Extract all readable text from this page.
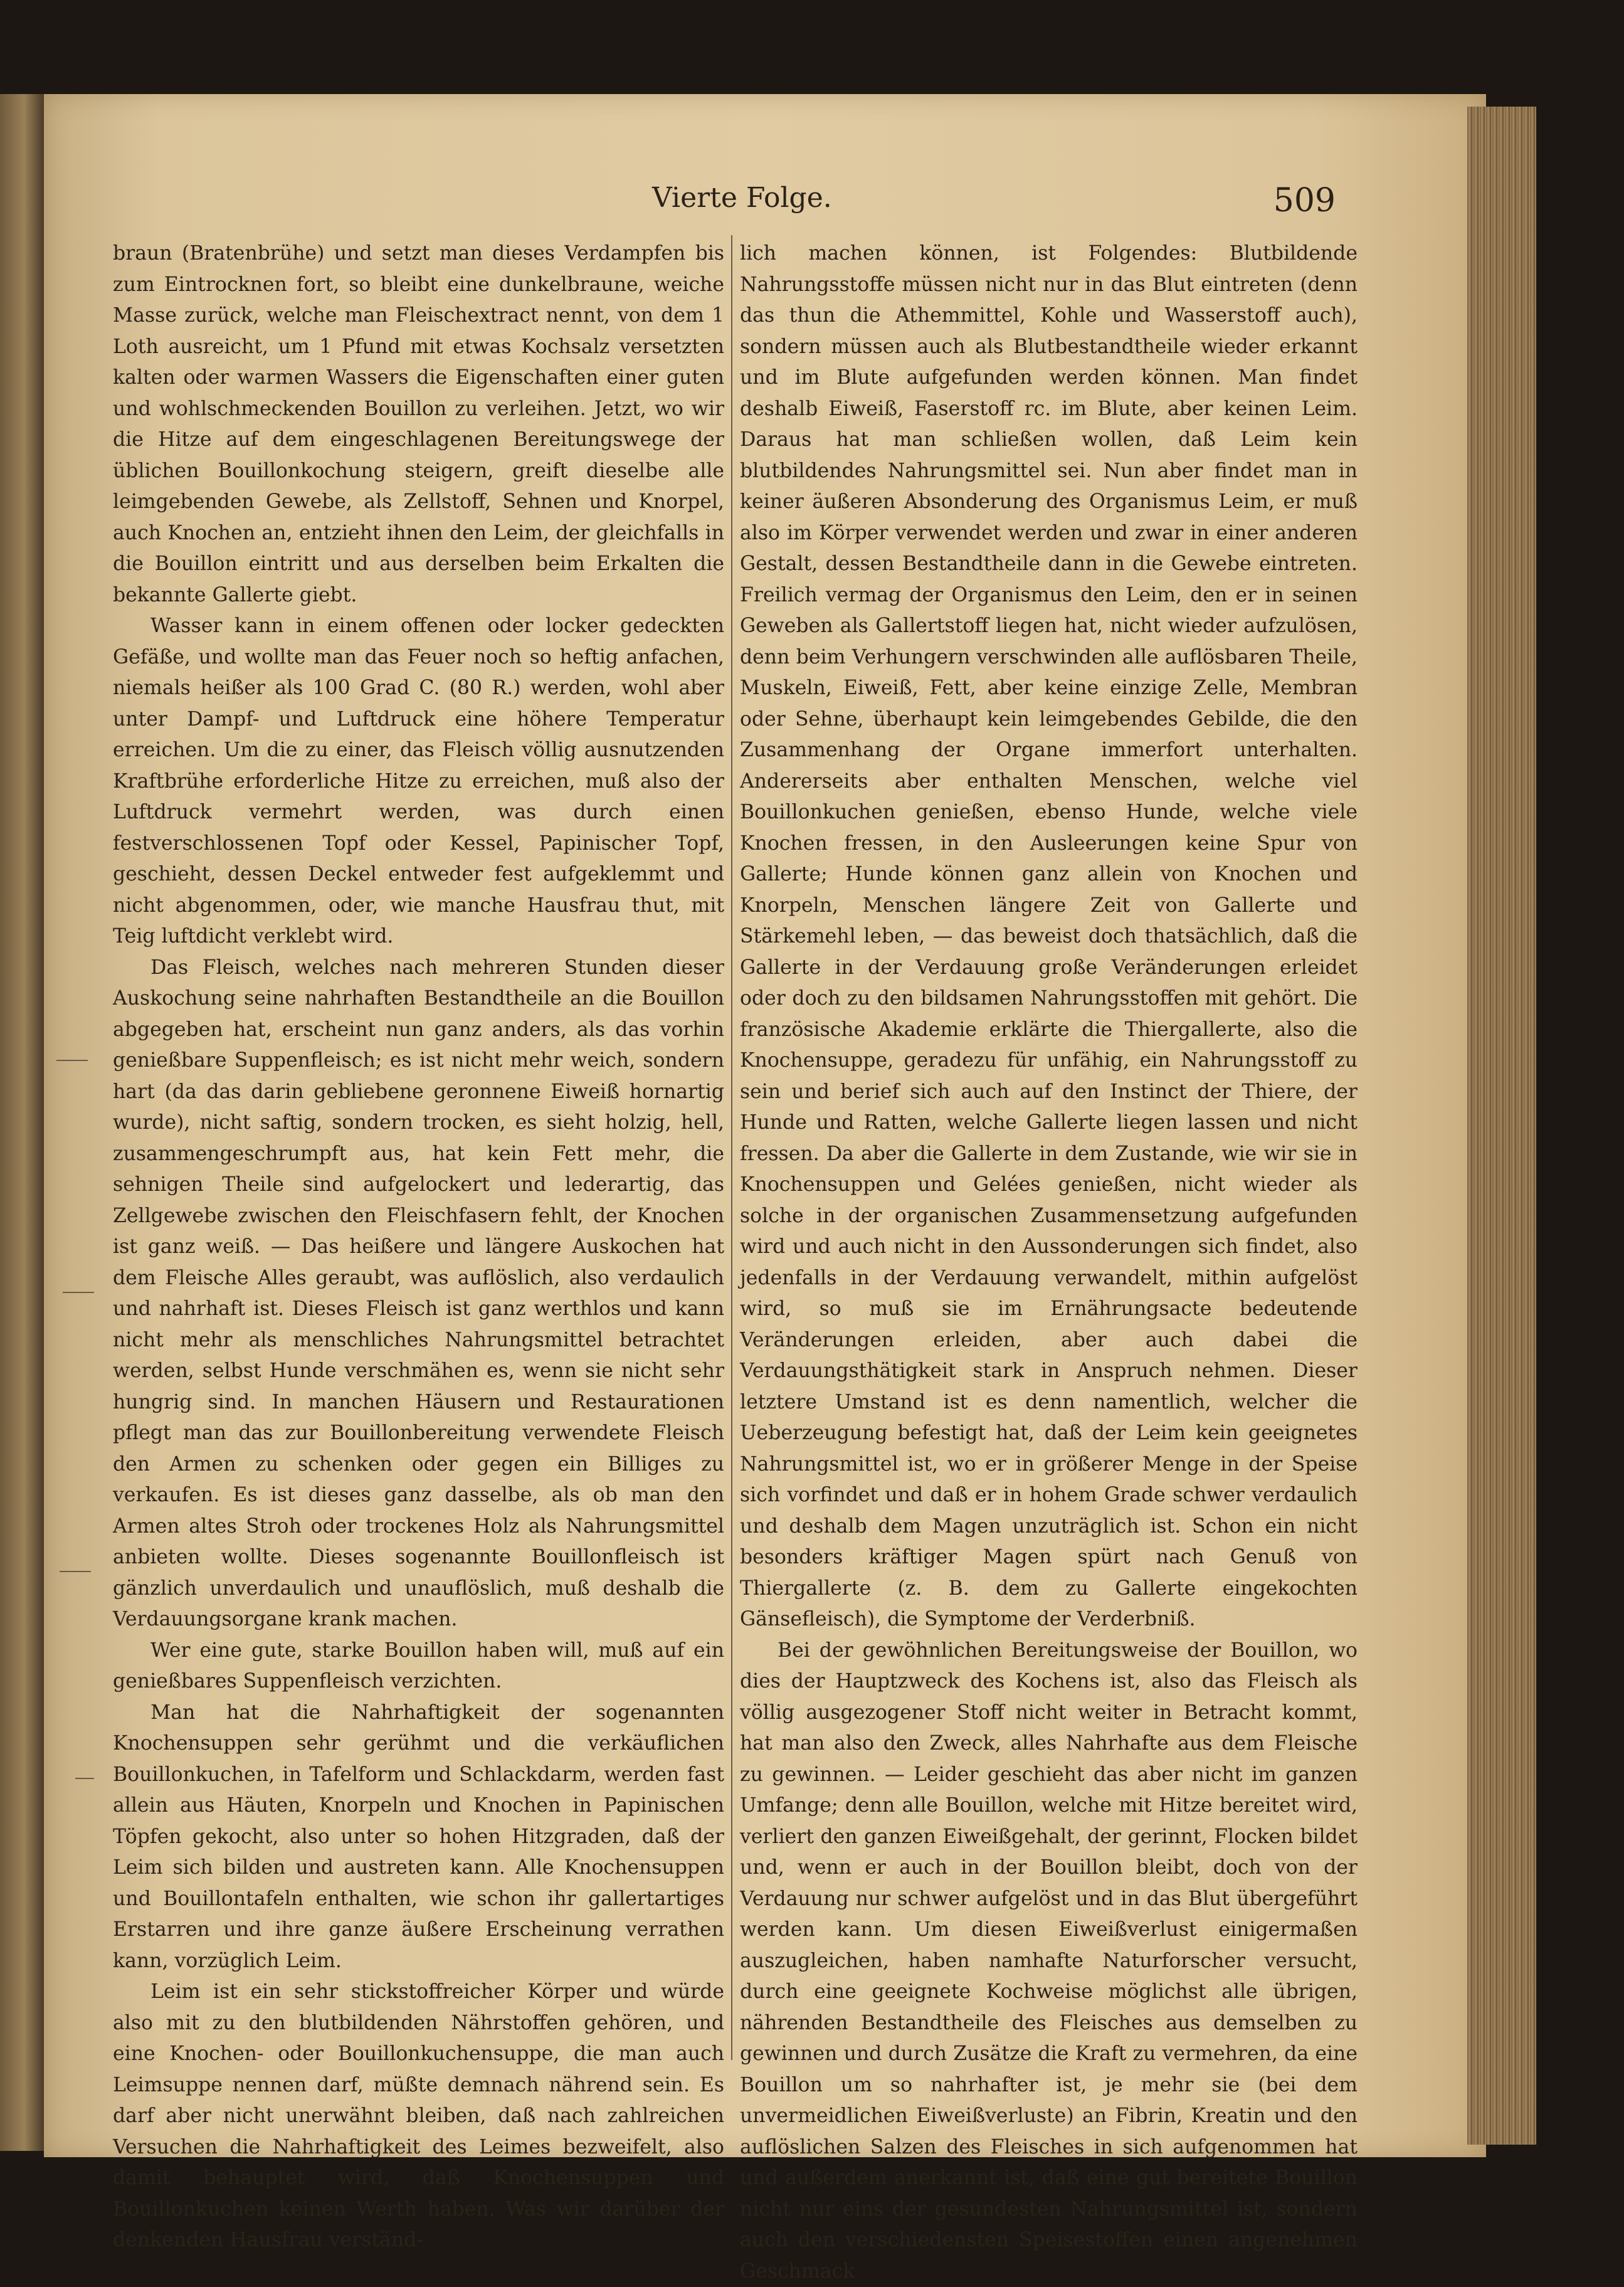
Vierte Folge.	509

braun (Bratenbrühe) und setzt man dieses Verdampfen bis zum Eintrocknen fort, so bleibt eine dunkelbraune, weiche Masse zurück, welche man Fleischextract nennt, von dem 1 Loth ausreicht, um 1 Pfund mit etwas Kochsalz versetzten kalten oder warmen Wassers die Eigenschaften einer guten und wohlschmeckenden Bouillon zu verleihen. Jetzt, wo wir die Hitze auf dem eingeschlagenen Bereitungswege der üblichen Bouillonkochung steigern, greift dieselbe alle leimgebenden Gewebe, als Zellstoff, Sehnen und Knorpel, auch Knochen an, entzieht ihnen den Leim, der gleichfalls in die Bouillon eintritt und aus derselben beim Erkalten die bekannte Gallerte giebt.

Wasser kann in einem offenen oder locker gedeckten Gefäße, und wollte man das Feuer noch so heftig anfachen, niemals heißer als 100 Grad C. (80 R.) werden, wohl aber unter Dampf- und Luftdruck eine höhere Temperatur erreichen. Um die zu einer, das Fleisch völlig ausnutzenden Kraftbrühe erforderliche Hitze zu erreichen, muß also der Luftdruck vermehrt werden, was durch einen festverschlossenen Topf oder Kessel, Papinischer Topf, geschieht, dessen Deckel entweder fest aufgeklemmt und nicht abgenommen, oder, wie manche Hausfrau thut, mit Teig luftdicht verklebt wird.

Das Fleisch, welches nach mehreren Stunden dieser Auskochung seine nahrhaften Bestandtheile an die Bouillon abgegeben hat, erscheint nun ganz anders, als das vorhin genießbare Suppenfleisch; es ist nicht mehr weich, sondern hart (da das darin gebliebene geronnene Eiweiß hornartig wurde), nicht saftig, sondern trocken, es sieht holzig, hell, zusammengeschrumpft aus, hat kein Fett mehr, die sehnigen Theile sind aufgelockert und lederartig, das Zellgewebe zwischen den Fleischfasern fehlt, der Knochen ist ganz weiß. — Das heißere und längere Auskochen hat dem Fleische Alles geraubt, was auflöslich, also verdaulich und nahrhaft ist. Dieses Fleisch ist ganz werthlos und kann nicht mehr als menschliches Nahrungsmittel betrachtet werden, selbst Hunde verschmähen es, wenn sie nicht sehr hungrig sind. In manchen Häusern und Restaurationen pflegt man das zur Bouillonbereitung verwendete Fleisch den Armen zu schenken oder gegen ein Billiges zu verkaufen. Es ist dieses ganz dasselbe, als ob man den Armen altes Stroh oder trockenes Holz als Nahrungsmittel anbieten wollte. Dieses sogenannte Bouillonfleisch ist gänzlich unverdaulich und unauflöslich, muß deshalb die Verdauungsorgane krank machen.

Wer eine gute, starke Bouillon haben will, muß auf ein genießbares Suppenfleisch verzichten.

Man hat die Nahrhaftigkeit der sogenannten Knochensuppen sehr gerühmt und die verkäuflichen Bouillonkuchen, in Tafelform und Schlackdarm, werden fast allein aus Häuten, Knorpeln und Knochen in Papinischen Töpfen gekocht, also unter so hohen Hitzgraden, daß der Leim sich bilden und austreten kann. Alle Knochensuppen und Bouillontafeln enthalten, wie schon ihr gallertartiges Erstarren und ihre ganze äußere Erscheinung verrathen kann, vorzüglich Leim.

Leim ist ein sehr stickstoffreicher Körper und würde also mit zu den blutbildenden Nährstoffen gehören, und eine Knochen- oder Bouillonkuchensuppe, die man auch Leimsuppe nennen darf, müßte demnach nährend sein. Es darf aber nicht unerwähnt bleiben, daß nach zahlreichen Versuchen die Nahrhaftigkeit des Leimes bezweifelt, also damit behauptet wird, daß Knochensuppen und Bouillonkuchen keinen Werth haben. Was wir darüber der denkenden Hausfrau verständ-

lich machen können, ist Folgendes: Blutbildende Nahrungsstoffe müssen nicht nur in das Blut eintreten (denn das thun die Athemmittel, Kohle und Wasserstoff auch), sondern müssen auch als Blutbestandtheile wieder erkannt und im Blute aufgefunden werden können. Man findet deshalb Eiweiß, Faserstoff rc. im Blute, aber keinen Leim. Daraus hat man schließen wollen, daß Leim kein blutbildendes Nahrungsmittel sei. Nun aber findet man in keiner äußeren Absonderung des Organismus Leim, er muß also im Körper verwendet werden und zwar in einer anderen Gestalt, dessen Bestandtheile dann in die Gewebe eintreten. Freilich vermag der Organismus den Leim, den er in seinen Geweben als Gallertstoff liegen hat, nicht wieder aufzulösen, denn beim Verhungern verschwinden alle auflösbaren Theile, Muskeln, Eiweiß, Fett, aber keine einzige Zelle, Membran oder Sehne, überhaupt kein leimgebendes Gebilde, die den Zusammenhang der Organe immerfort unterhalten. Andererseits aber enthalten Menschen, welche viel Bouillonkuchen genießen, ebenso Hunde, welche viele Knochen fressen, in den Ausleerungen keine Spur von Gallerte; Hunde können ganz allein von Knochen und Knorpeln, Menschen längere Zeit von Gallerte und Stärkemehl leben, — das beweist doch thatsächlich, daß die Gallerte in der Verdauung große Veränderungen erleidet oder doch zu den bildsamen Nahrungsstoffen mit gehört. Die französische Akademie erklärte die Thiergallerte, also die Knochensuppe, geradezu für unfähig, ein Nahrungsstoff zu sein und berief sich auch auf den Instinct der Thiere, der Hunde und Ratten, welche Gallerte liegen lassen und nicht fressen. Da aber die Gallerte in dem Zustande, wie wir sie in Knochensuppen und Gelées genießen, nicht wieder als solche in der organischen Zusammensetzung aufgefunden wird und auch nicht in den Aussonderungen sich findet, also jedenfalls in der Verdauung verwandelt, mithin aufgelöst wird, so muß sie im Ernährungsacte bedeutende Veränderungen erleiden, aber auch dabei die Verdauungsthätigkeit stark in Anspruch nehmen. Dieser letztere Umstand ist es denn namentlich, welcher die Ueberzeugung befestigt hat, daß der Leim kein geeignetes Nahrungsmittel ist, wo er in größerer Menge in der Speise sich vorfindet und daß er in hohem Grade schwer verdaulich und deshalb dem Magen unzuträglich ist. Schon ein nicht besonders kräftiger Magen spürt nach Genuß von Thiergallerte (z. B. dem zu Gallerte eingekochten Gänsefleisch), die Symptome der Verderbniß.

Bei der gewöhnlichen Bereitungsweise der Bouillon, wo dies der Hauptzweck des Kochens ist, also das Fleisch als völlig ausgezogener Stoff nicht weiter in Betracht kommt, hat man also den Zweck, alles Nahrhafte aus dem Fleische zu gewinnen. — Leider geschieht das aber nicht im ganzen Umfange; denn alle Bouillon, welche mit Hitze bereitet wird, verliert den ganzen Eiweißgehalt, der gerinnt, Flocken bildet und, wenn er auch in der Bouillon bleibt, doch von der Verdauung nur schwer aufgelöst und in das Blut übergeführt werden kann. Um diesen Eiweißverlust einigermaßen auszugleichen, haben namhafte Naturforscher versucht, durch eine geeignete Kochweise möglichst alle übrigen, nährenden Bestandtheile des Fleisches aus demselben zu gewinnen und durch Zusätze die Kraft zu vermehren, da eine Bouillon um so nahrhafter ist, je mehr sie (bei dem unvermeidlichen Eiweißverluste) an Fibrin, Kreatin und den auflöslichen Salzen des Fleisches in sich aufgenommen hat und außerdem anerkannt ist, daß eine gut bereitete Bouillon nicht nur eins der gesundesten Nahrungsmittel ist, sondern auch den verschiedensten Speisestoffen einen angenehmen Geschmack
